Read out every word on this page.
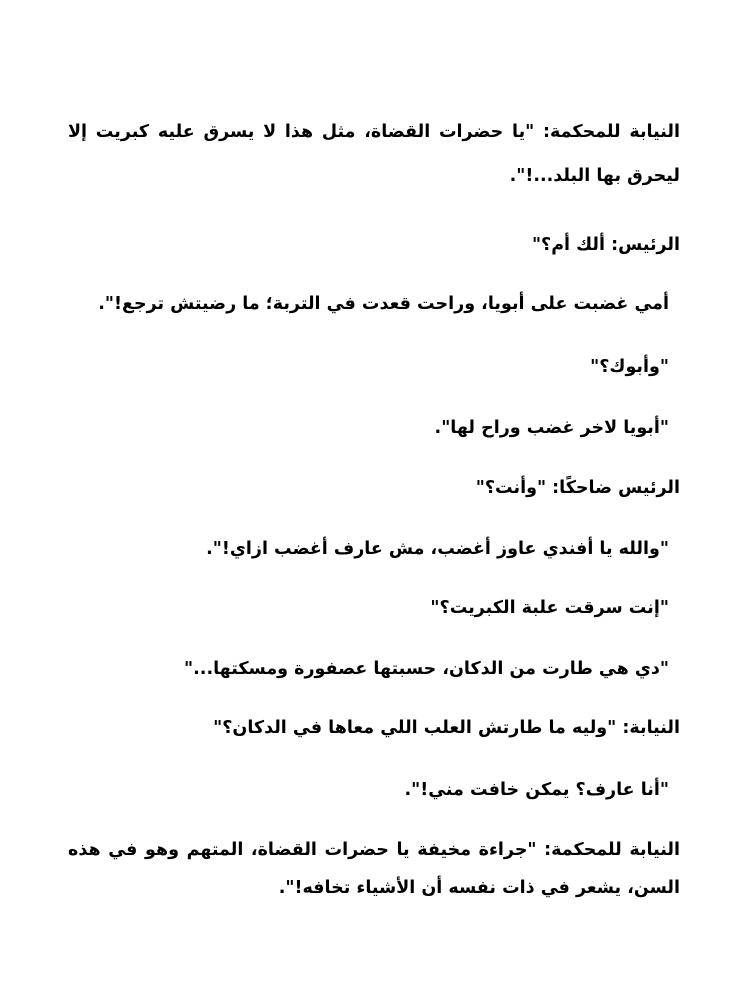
النيابة للمحكمة: "يا حضرات القضاة، مثل هذا لا يسرق عليه كبريت إلا
ليحرق بها البلد...!".
الرئيس: ألك أم؟"
أمي غضبت على أبويا، وراحت قعدت في التربة؛ ما رضيتش ترجع!".
"وأبوك؟"
"أبويا لاخر غضب وراح لها".
الرئيس ضاحكًا: "وأنت؟"
"والله يا أفندي عاوز أغضب، مش عارف أغضب ازاي!".
"إنت سرقت علبة الكبريت؟"
"دي هي طارت من الدكان، حسبتها عصفورة ومسكتها..."
النيابة: "وليه ما طارتش العلب اللي معاها في الدكان؟"
"أنا عارف؟ يمكن خافت مني!".
النيابة للمحكمة: "جراءة مخيفة يا حضرات القضاة، المتهم وهو في هذه
السن، يشعر في ذات نفسه أن الأشياء تخافه!".
